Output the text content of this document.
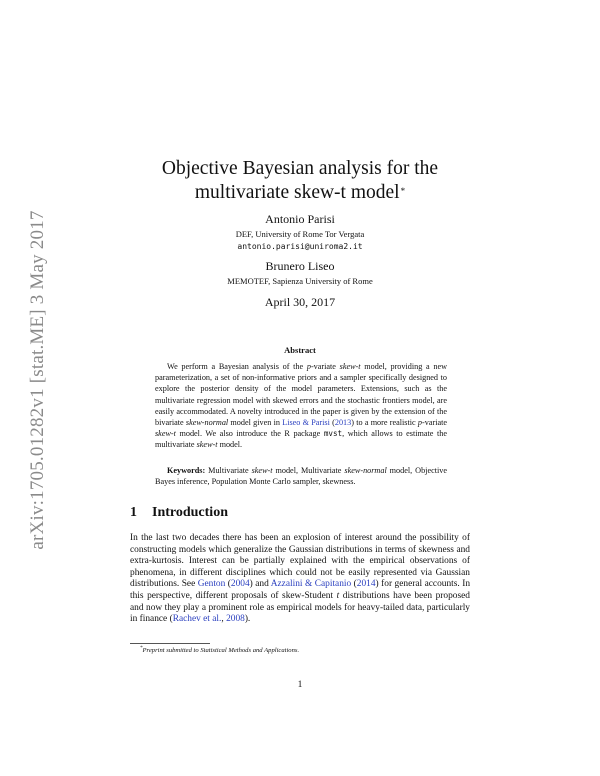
arXiv:1705.01282v1 [stat.ME] 3 May 2017
Objective Bayesian analysis for the
multivariate skew-t model*
Antonio Parisi
DEF, University of Rome Tor Vergata
antonio.parisi@uniroma2.it
Brunero Liseo
MEMOTEF, Sapienza University of Rome
April 30, 2017
Abstract

We perform a Bayesian analysis of the p-variate skew-t model, providing a new parameterization, a set of non-informative priors and a sampler specifically designed to explore the posterior density of the model parameters. Extensions, such as the multivariate regression model with skewed errors and the stochastic frontiers model, are easily accommodated. A novelty introduced in the paper is given by the extension of the bivariate skew-normal model given in Liseo & Parisi (2013) to a more realistic p-variate skew-t model. We also introduce the R package mvst, which allows to estimate the multivariate skew-t model.

Keywords: Multivariate skew-t model, Multivariate skew-normal model, Objective Bayes inference, Population Monte Carlo sampler, skewness.

1 Introduction

In the last two decades there has been an explosion of interest around the possibility of constructing models which generalize the Gaussian distributions in terms of skewness and extra-kurtosis. Interest can be partially explained with the empirical observations of phenomena, in different disciplines which could not be easily represented via Gaussian distributions. See Genton (2004) and Azzalini & Capitanio (2014) for general accounts. In this perspective, different proposals of skew-Student t distributions have been proposed and now they play a prominent role as empirical models for heavy-tailed data, particularly in finance (Rachev et al., 2008).

*Preprint submitted to Statistical Methods and Applications.
1
